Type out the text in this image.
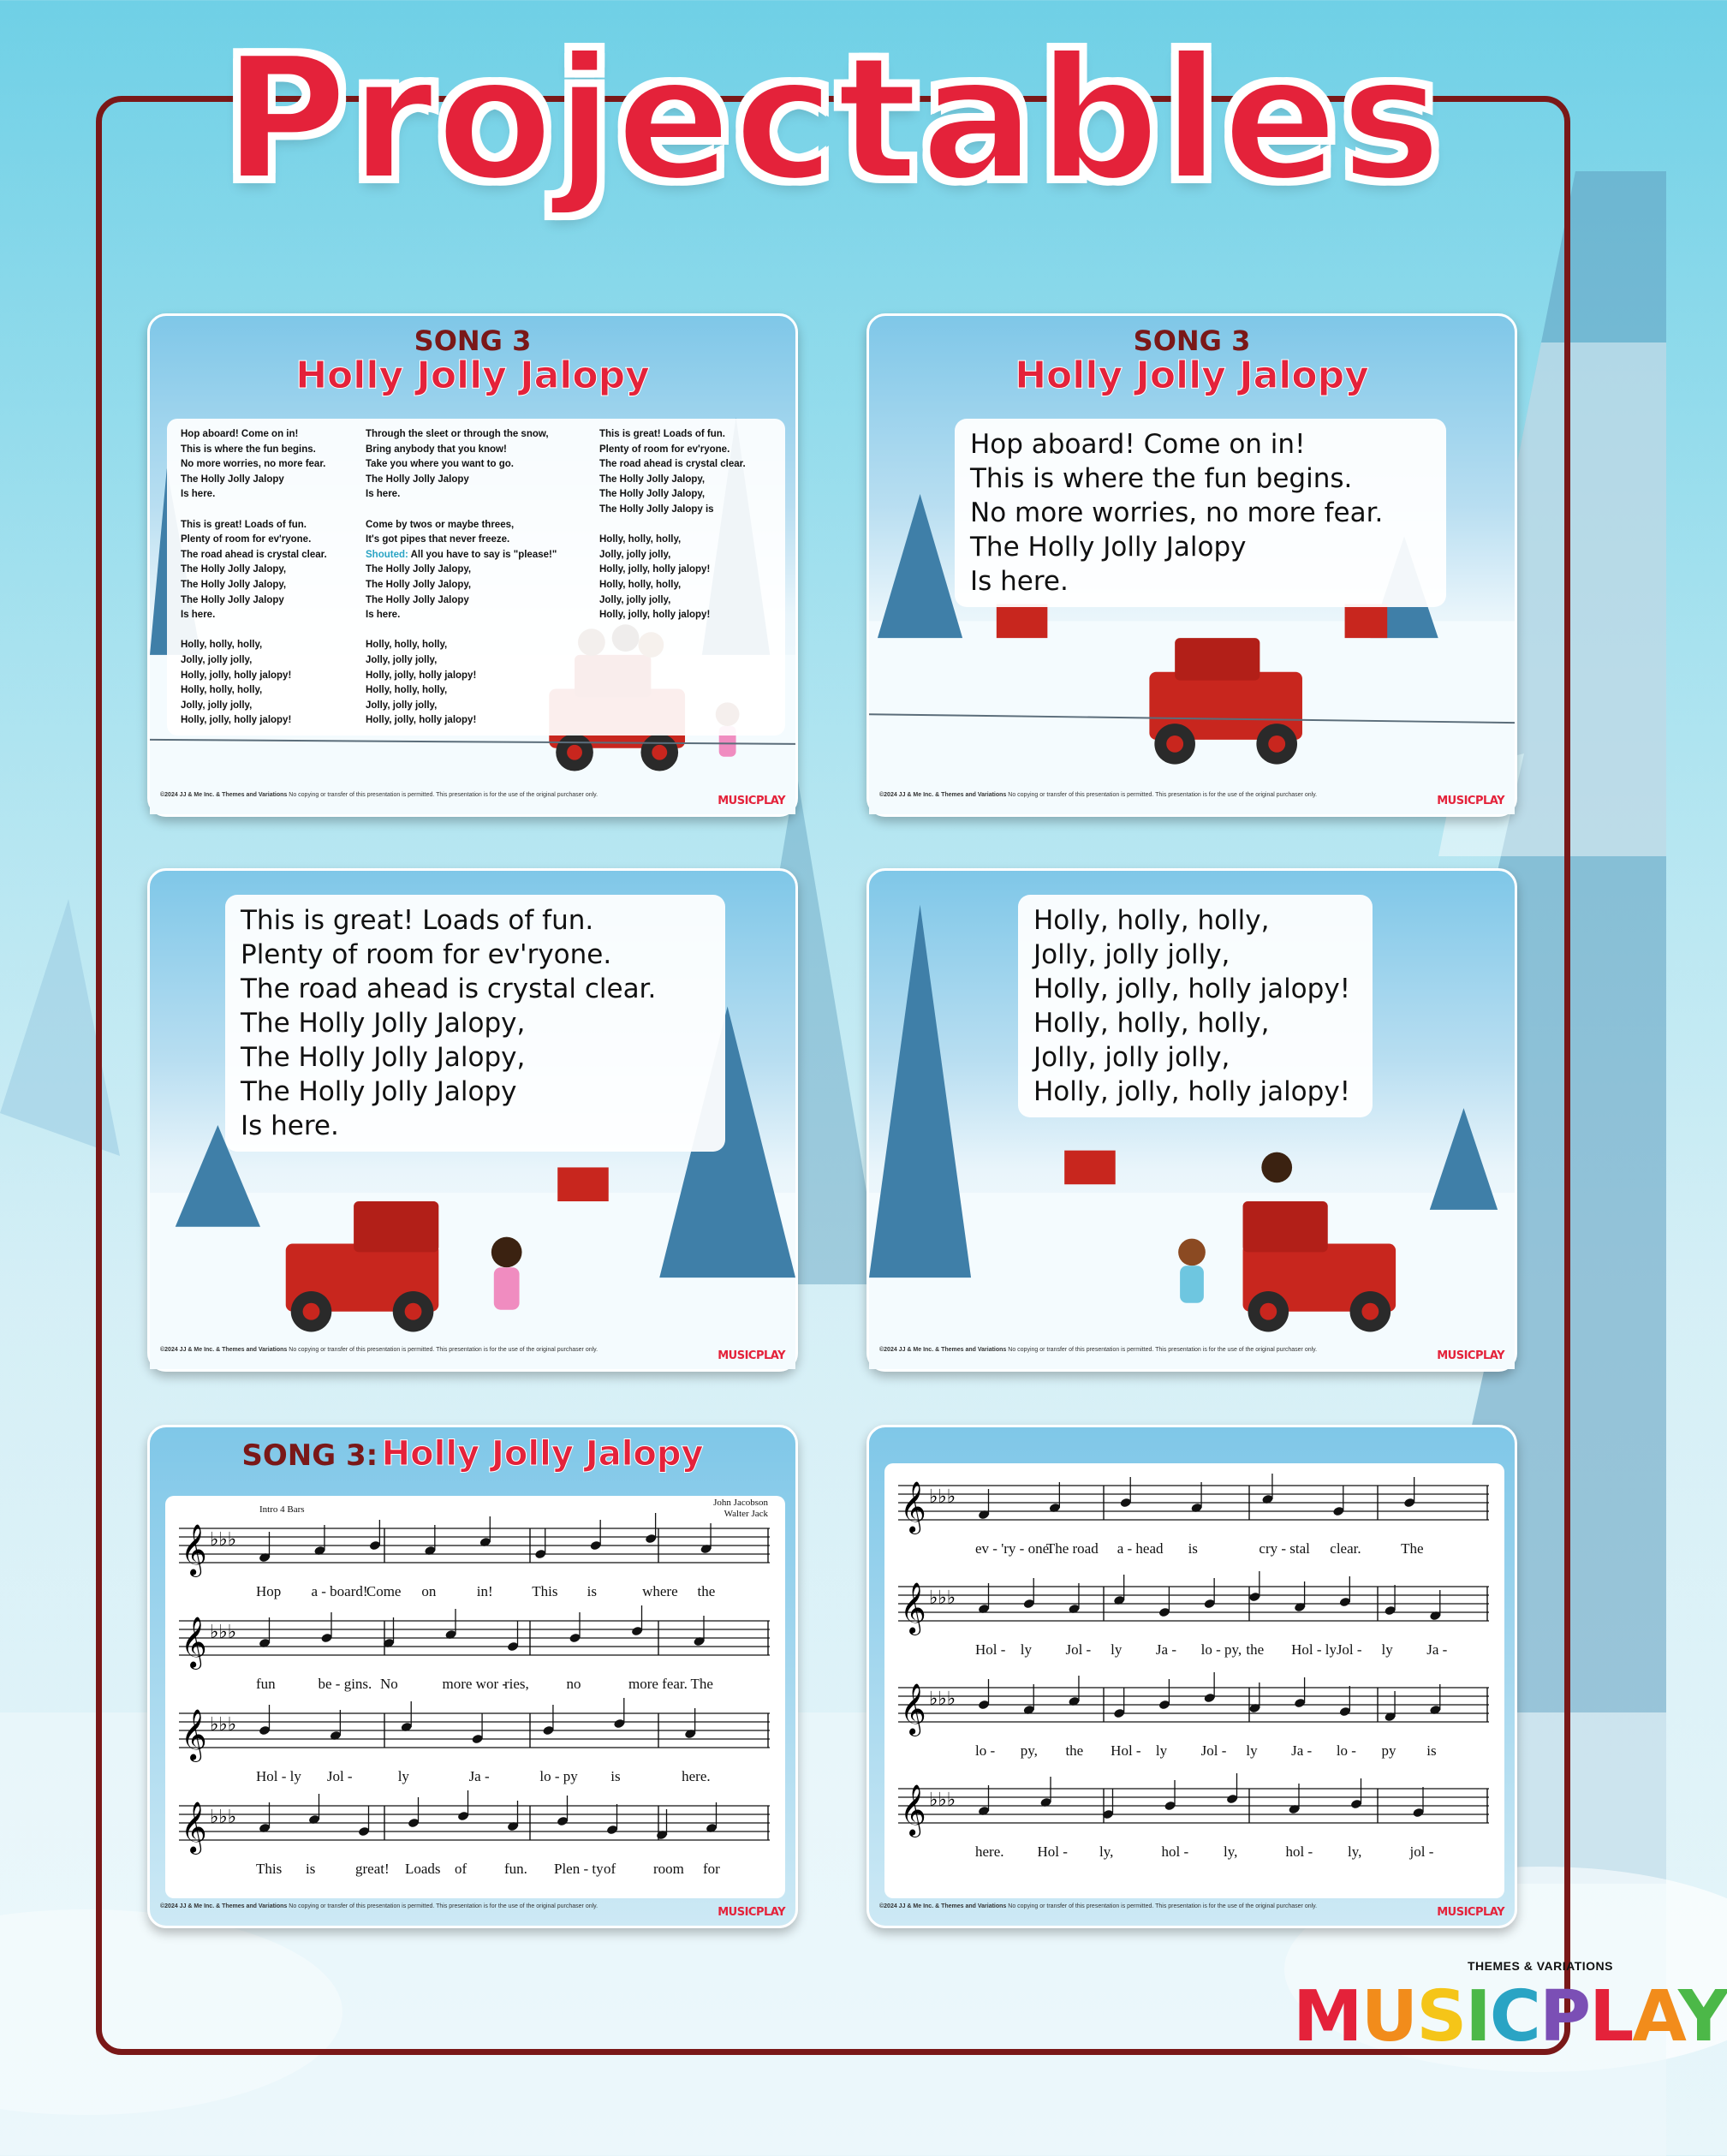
Projectables
SONG 3
Holly Jolly Jalopy
Hop aboard! Come on in!
This is where the fun begins.
No more worries, no more fear.
The Holly Jolly Jalopy
Is here.

This is great! Loads of fun.
Plenty of room for ev'ryone.
The road ahead is crystal clear.
The Holly Jolly Jalopy,
The Holly Jolly Jalopy,
The Holly Jolly Jalopy
Is here.

Holly, holly, holly,
Jolly, jolly jolly,
Holly, jolly, holly jalopy!
Holly, holly, holly,
Jolly, jolly jolly,
Holly, jolly, holly jalopy!
Through the sleet or through the snow,
Bring anybody that you know!
Take you where you want to go.
The Holly Jolly Jalopy
Is here.

Come by twos or maybe threes,
It's got pipes that never freeze.
Shouted: All you have to say is "please!"
The Holly Jolly Jalopy,
The Holly Jolly Jalopy,
The Holly Jolly Jalopy
Is here.

Holly, holly, holly,
Jolly, jolly jolly,
Holly, jolly, holly jalopy!
Holly, holly, holly,
Jolly, jolly jolly,
Holly, jolly, holly jalopy!
This is great! Loads of fun.
Plenty of room for ev'ryone.
The road ahead is crystal clear.
The Holly Jolly Jalopy,
The Holly Jolly Jalopy,
The Holly Jolly Jalopy is

Holly, holly, holly,
Jolly, jolly jolly,
Holly, jolly, holly jalopy!
Holly, holly, holly,
Jolly, jolly jolly,
Holly, jolly, holly jalopy!
©2024 JJ & Me Inc. & Themes and Variations No copying or transfer of this presentation is permitted. This presentation is for the use of the original purchaser only.	MUSICPLAY
SONG 3
Holly Jolly Jalopy
Hop aboard! Come on in!
This is where the fun begins.
No more worries, no more fear.
The Holly Jolly Jalopy
Is here.
©2024 JJ & Me Inc. & Themes and Variations No copying or transfer of this presentation is permitted. This presentation is for the use of the original purchaser only.	MUSICPLAY
This is great! Loads of fun.
Plenty of room for ev'ryone.
The road ahead is crystal clear.
The Holly Jolly Jalopy,
The Holly Jolly Jalopy,
The Holly Jolly Jalopy
Is here.
©2024 JJ & Me Inc. & Themes and Variations No copying or transfer of this presentation is permitted. This presentation is for the use of the original purchaser only.	MUSICPLAY
Holly, holly, holly,
Jolly, jolly jolly,
Holly, jolly, holly jalopy!
Holly, holly, holly,
Jolly, jolly jolly,
Holly, jolly, holly jalopy!
©2024 JJ & Me Inc. & Themes and Variations No copying or transfer of this presentation is permitted. This presentation is for the use of the original purchaser only.	MUSICPLAY
SONG 3: Holly Jolly Jalopy
Intro 4 Bars
John Jacobson
Walter Jack
𝄞 ♭♭♭
Hop a - board!
Come on	in!	This is	where the
𝄞 ♭♭♭
fun	be - gins. No	more wor -
ries,	no	more fear. The
𝄞 ♭♭♭
Hol - ly Jol -	ly	Ja -	lo - py is	here.
𝄞 ♭♭♭
This is	great! Loads of	fun. Plen - ty of	room for
©2024 JJ & Me Inc. & Themes and Variations No copying or transfer of this presentation is permitted. This presentation is for the use of the original purchaser only.	MUSICPLAY
𝄞 ♭♭♭
ev - 'ry - one.
The road a - head is	cry - stal clear.	The
𝄞 ♭♭♭
Hol - ly Jol - ly Ja - lo - py, the Hol - ly Jol - ly Ja -
𝄞 ♭♭♭
lo - py, the Hol - ly Jol - ly Ja - lo - py is
𝄞 ♭♭♭
here. Hol - ly,	hol - ly,	hol - ly,	jol -
©2024 JJ & Me Inc. & Themes and Variations No copying or transfer of this presentation is permitted. This presentation is for the use of the original purchaser only.	MUSICPLAY
THEMES & VARIATIONS
MUSICPLAY
